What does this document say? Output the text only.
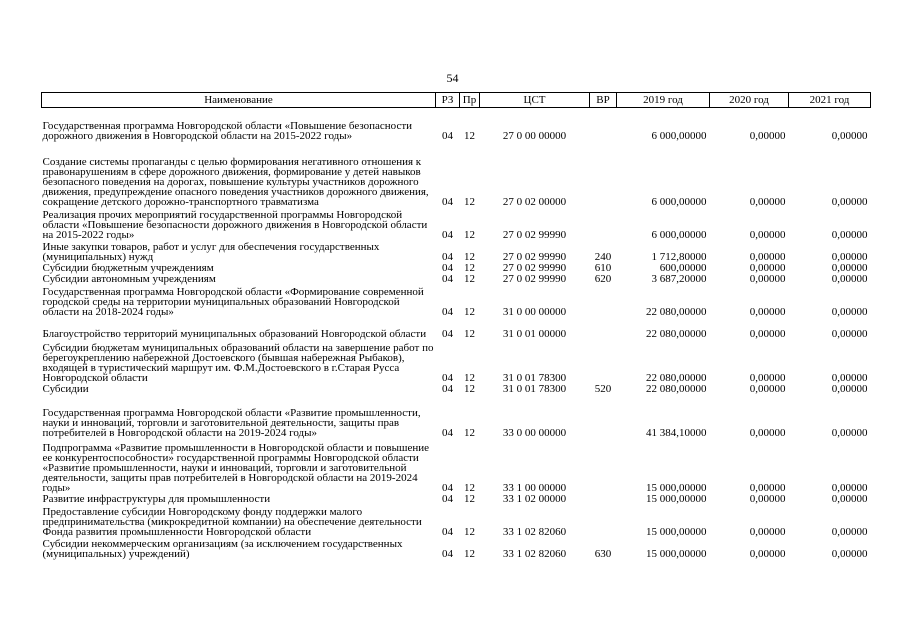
54
Наименование	РЗ	Пр	ЦСТ	ВР	2019 год	2020 год	2021 год
Государственная программа Новгородской области «Повышение безопасности дорожного движения в Новгородской области на 2015-2022 годы»	04	12	27 0 00 00000		6 000,00000	0,00000	0,00000
Создание системы пропаганды с целью формирования негативного отношения к правонарушениям в сфере дорожного движения, формирование у детей навыков безопасного поведения на дорогах, повышение культуры участников дорожного движения, предупреждение опасного поведения участников дорожного движения, сокращение детского дорожно-транспортного травматизма	04	12	27 0 02 00000		6 000,00000	0,00000	0,00000
Реализация прочих мероприятий государственной программы Новгородской области «Повышение безопасности дорожного движения в Новгородской области на 2015-2022 годы»	04	12	27 0 02 99990		6 000,00000	0,00000	0,00000
Иные закупки товаров, работ и услуг для обеспечения государственных (муниципальных) нужд	04	12	27 0 02 99990	240	1 712,80000	0,00000	0,00000
Субсидии бюджетным учреждениям	04	12	27 0 02 99990	610	600,00000	0,00000	0,00000
Субсидии автономным учреждениям	04	12	27 0 02 99990	620	3 687,20000	0,00000	0,00000
Государственная программа Новгородской области «Формирование современной городской среды на территории муниципальных образований Новгородской области на 2018-2024 годы»	04	12	31 0 00 00000		22 080,00000	0,00000	0,00000
Благоустройство территорий муниципальных образований Новгородской области	04	12	31 0 01 00000		22 080,00000	0,00000	0,00000
Субсидии бюджетам муниципальных образований области на завершение работ по берегоукреплению набережной Достоевского (бывшая набережная Рыбаков), входящей в туристический маршрут им. Ф.М.Достоевского в г.Старая Русса Новгородской области	04	12	31 0 01 78300		22 080,00000	0,00000	0,00000
Субсидии	04	12	31 0 01 78300	520	22 080,00000	0,00000	0,00000
Государственная программа Новгородской области «Развитие промышленности, науки и инноваций, торговли и заготовительной деятельности, защиты прав потребителей в Новгородской области на 2019-2024 годы»	04	12	33 0 00 00000		41 384,10000	0,00000	0,00000
Подпрограмма «Развитие промышленности в Новгородской области и повышение ее конкурентоспособности» государственной программы Новгородской области «Развитие промышленности, науки и инноваций, торговли и заготовительной деятельности, защиты прав потребителей в Новгородской области на 2019-2024 годы»	04	12	33 1 00 00000		15 000,00000	0,00000	0,00000
Развитие инфраструктуры для промышленности	04	12	33 1 02 00000		15 000,00000	0,00000	0,00000
Предоставление субсидии Новгородскому фонду поддержки малого предпринимательства (микрокредитной компании) на обеспечение деятельности Фонда развития промышленности Новгородской области	04	12	33 1 02 82060		15 000,00000	0,00000	0,00000
Субсидии некоммерческим организациям (за исключением государственных (муниципальных) учреждений)	04	12	33 1 02 82060	630	15 000,00000	0,00000	0,00000
